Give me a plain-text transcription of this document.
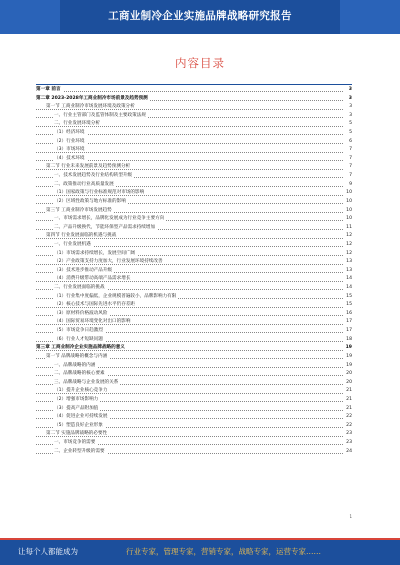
工商业制冷企业实施品牌战略研究报告
内容目录
第一章 前言	3
第二章 2023-2028年工商业制冷市场前景及趋势预测	3
第一节 工商业制冷市场发展环境及政策分析	3
一、行业主管部门及监管体制及主要政策法规	3
二、行业发展环境分析	5
（1）经济环境	5
（2）行业环境	6
（3）市场环境	7
（4）技术环境	7
第二节 行业未来发展前景及趋势预测分析	7
一、技术发展趋势及行业结构转型升级	7
二、政策推动行业高质量发展	9
（1）国家政策与行业标准规范对市场的影响	10
（2）区域性政策与地方标准的影响	10
第三节 工商业制冷市场发展趋势	10
一、市场需求增长，品牌化发展成为行业竞争主要方向	10
二、产品升级换代，节能环保型产品需求持续增加	11
第四节 行业发展面临的机遇与挑战	12
一、行业发展机遇	12
（1）市场需求持续增长，发展空间广阔	12
（2）产业政策支持力度加大，行业发展环境持续改善	13
（3）技术进步推动产品升级	13
（4）消费升级带动高端产品需求增长	14
二、行业发展面临的挑战	14
（1）行业集中度偏低，企业规模普遍较小，品牌影响力有限	15
（2）核心技术与国际先进水平仍存差距	15
（3）原材料价格波动风险	16
（4）国际贸易环境变化对出口的影响	17
（5）市场竞争日趋激烈	17
（6）行业人才短缺问题	18
第三章 工商业制冷企业实施品牌战略的意义	19
第一节 品牌战略的概念与内涵	19
一、品牌战略的内涵	19
二、品牌战略的核心要素	20
三、品牌战略与企业发展的关系	20
（1）提升企业核心竞争力	21
（2）增强市场影响力	21
（3）提高产品附加值	21
（4）促进企业可持续发展	22
（5）塑造良好企业形象	22
第二节 实施品牌战略的必要性	23
一、市场竞争的需要	23
二、企业转型升级的需要	24
1
让每个人都能成为	行业专家，管理专家，营销专家，战略专家，运营专家……
